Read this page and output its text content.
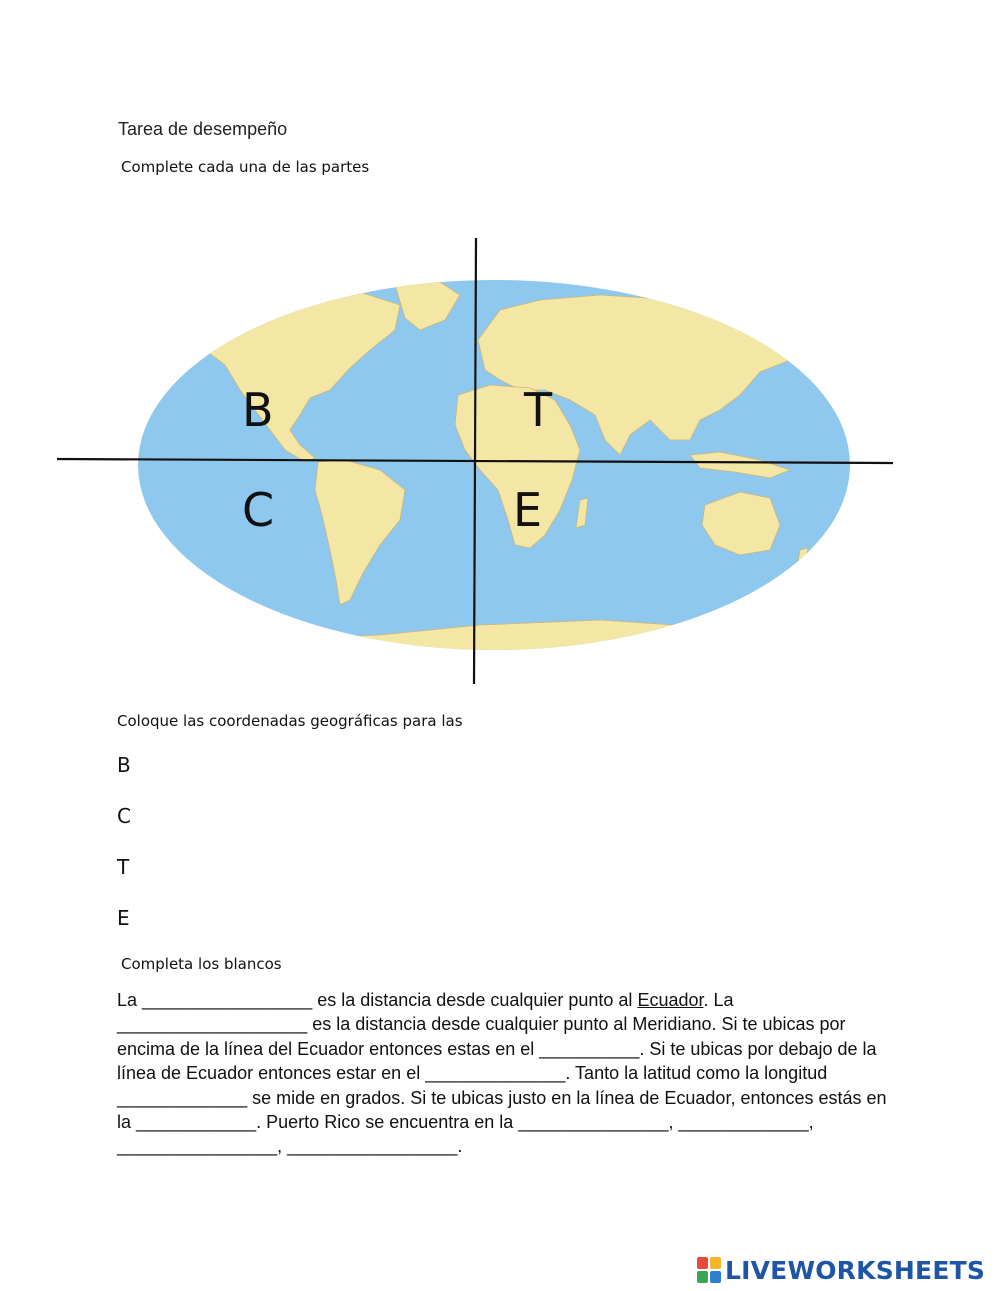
Tarea de desempeño
Complete cada una de las partes
B	T
C	E
Coloque las coordenadas geográficas para las
B
C
T
E
Completa los blancos
La _________________ es la distancia desde cualquier punto al Ecuador. La ___________________ es la distancia desde cualquier punto al Meridiano. Si te ubicas por encima de la línea del Ecuador entonces estas en el __________. Si te ubicas por debajo de la línea de Ecuador entonces estar en el ______________. Tanto la latitud como la longitud _____________ se mide en grados. Si te ubicas justo en la línea de Ecuador, entonces estás en la ____________. Puerto Rico se encuentra en la _______________, _____________, ________________, _________________.
LIVEWORKSHEETS
